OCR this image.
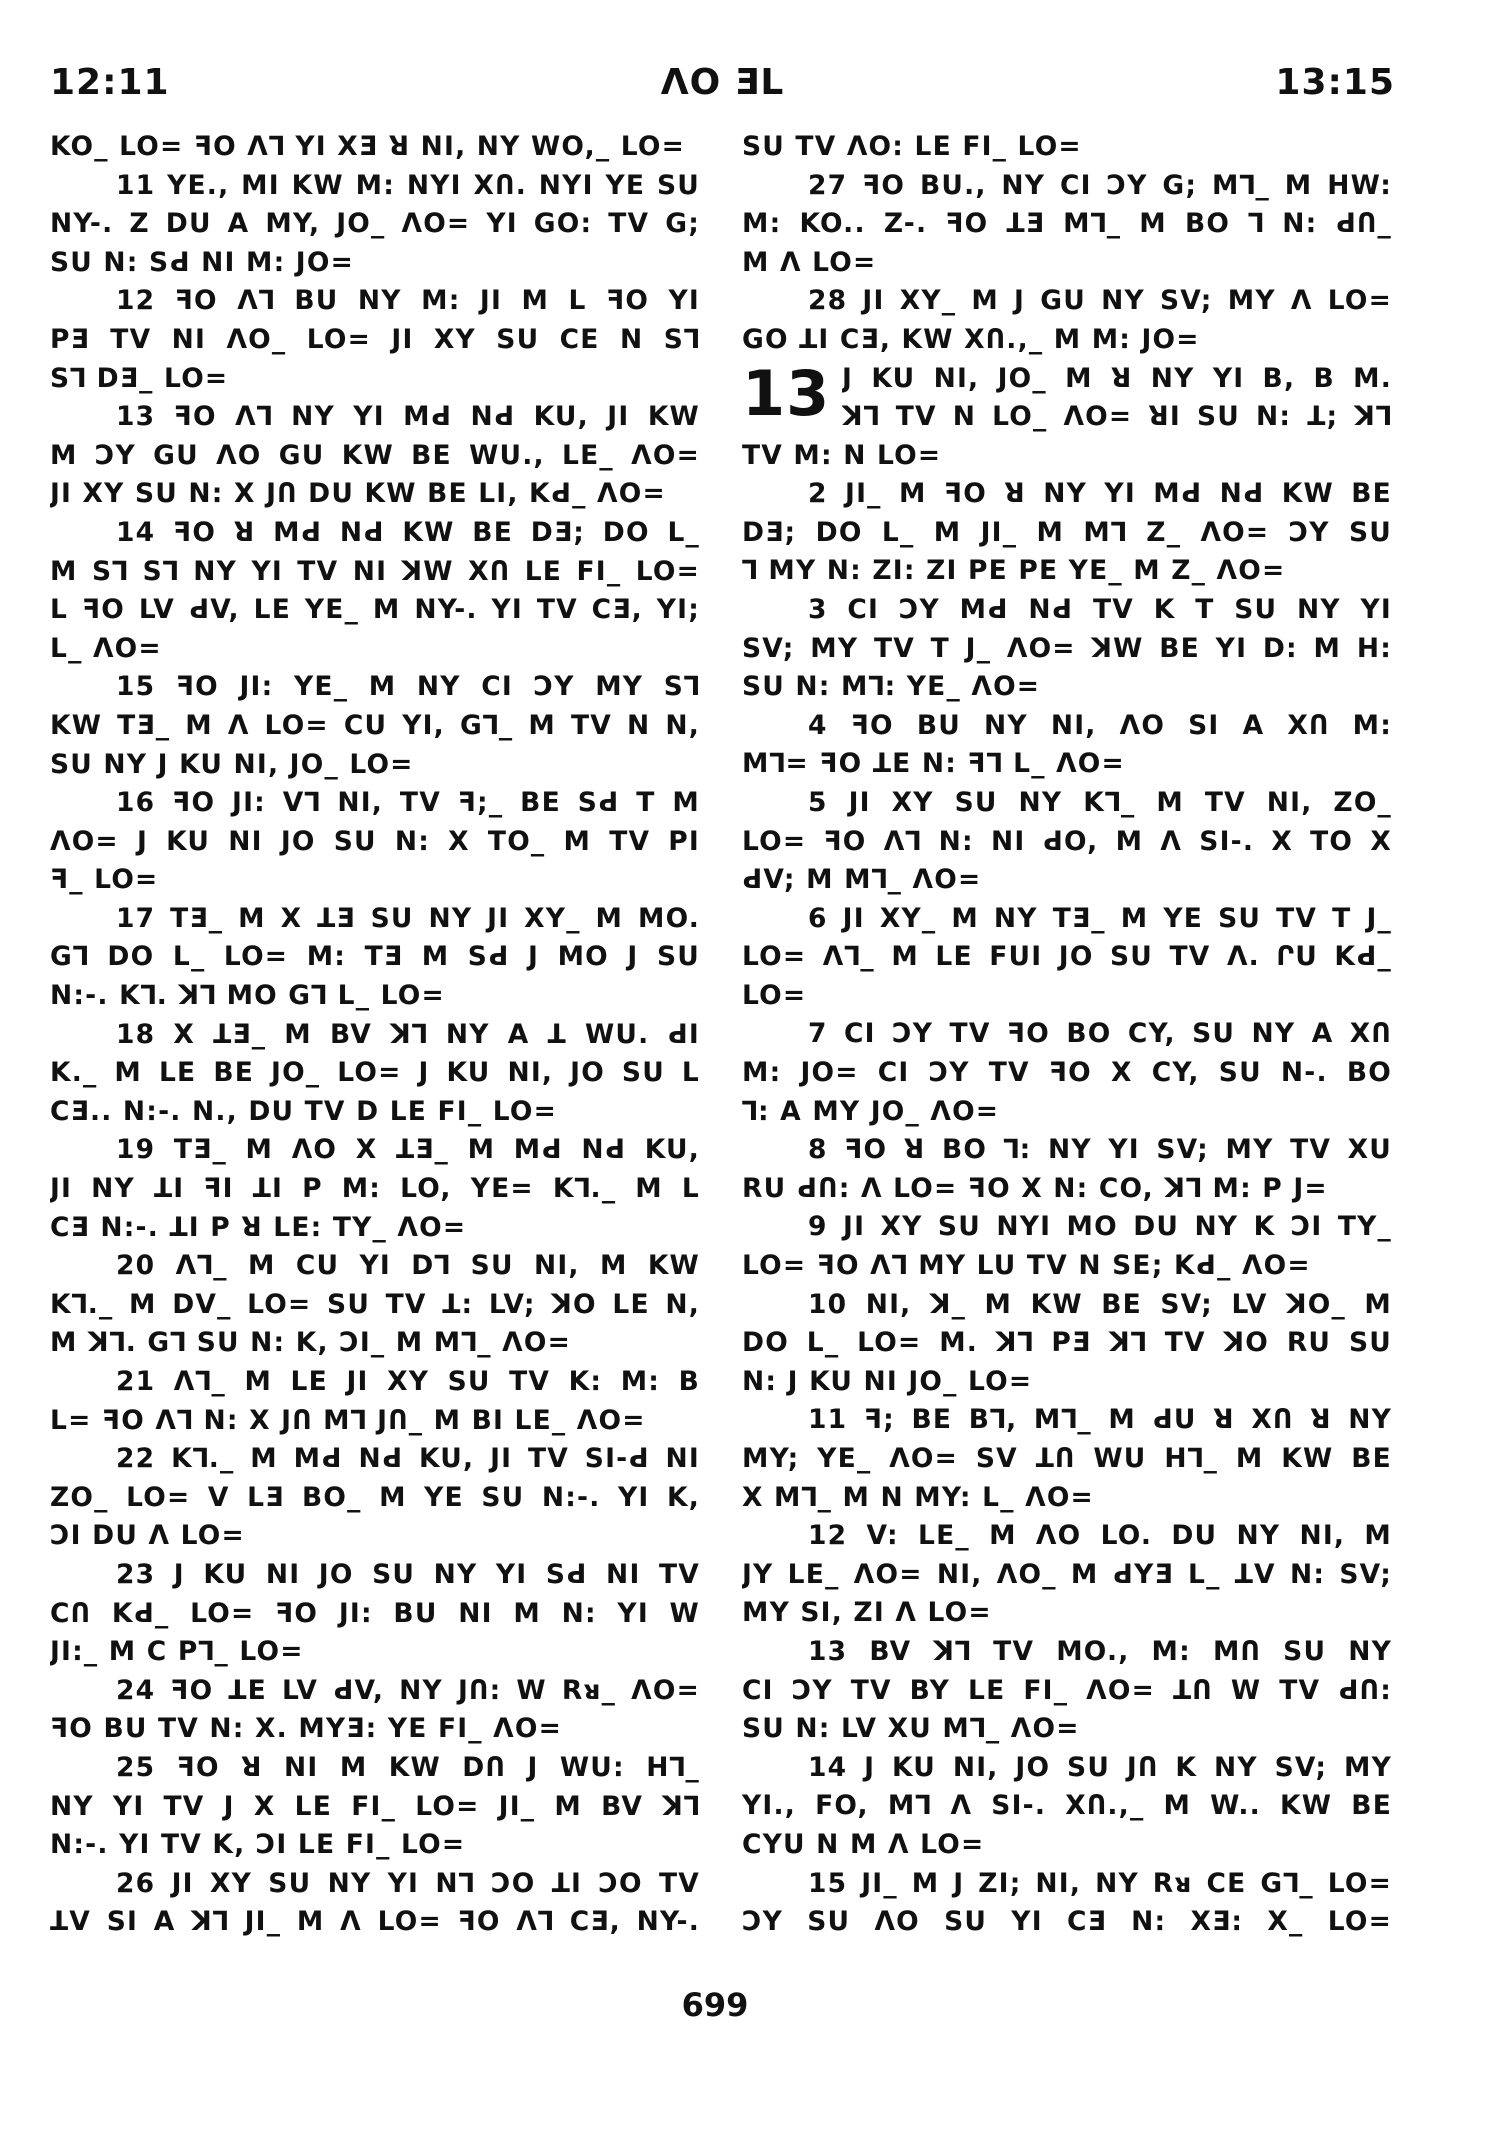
12:11	ΛO ƎL	13:15
KO_ LO= ꟻO Λ⅂ YI XƎ ꓤ NI, NY WO,_ LO=
11 YE., MI KW M: NYI XՈ. NYI YE SU
NY-. Z DU A MY, JO_ ΛO= YI GO: TV G;
SU N: SԀ NI M: JO=
12 ꟻO Λ⅂ BU NY M: JI M L ꟻO YI
PƎ TV NI ΛO_ LO= JI XY SU CE N S⅂
S⅂ DƎ_ LO=
13 ꟻO Λ⅂ NY YI MԀ NԀ KU, JI KW
M ƆY GU ΛO GU KW BE WU., LE_ ΛO=
JI XY SU N: X JՈ DU KW BE LI, KԀ_ ΛO=
14 ꟻO ꓤ MԀ NԀ KW BE DƎ; DO L_
M S⅂ S⅂ NY YI TV NI ꓘW XՈ LE FI_ LO=
L ꟻO LV ԀV, LE YE_ M NY-. YI TV CƎ, YI;
L_ ΛO=
15 ꟻO JI: YE_ M NY CI ƆY MY S⅂
KW TƎ_ M Λ LO= CU YI, G⅂_ M TV N N,
SU NY J KU NI, JO_ LO=
16 ꟻO JI: V⅂ NI, TV ꟻ;_ BE SԀ T M
ΛO= J KU NI JO SU N: X TO_ M TV PI
ꟻ_ LO=
17 TƎ_ M X ꓕƎ SU NY JI XY_ M MO.
G⅂ DO L_ LO= M: TƎ M SԀ J MO J SU
N:-. K⅂. ꓘ⅂ MO G⅂ L_ LO=
18 X ꓕƎ_ M BV ꓘ⅂ NY A ꓕ WU. ԀI
K._ M LE BE JO_ LO= J KU NI, JO SU L
CƎ.. N:-. N., DU TV D LE FI_ LO=
19 TƎ_ M ΛO X ꓕƎ_ M MԀ NԀ KU,
JI NY ꓕI ꟻI ꓕI P M: LO, YE= K⅂._ M L
CƎ N:-. ꓕI P ꓤ LE: TY_ ΛO=
20 Λ⅂_ M CU YI D⅂ SU NI, M KW
K⅂._ M DV_ LO= SU TV ꓕ: LV; ꓘO LE N,
M ꓘ⅂. G⅂ SU N: K, ƆI_ M M⅂_ ΛO=
21 Λ⅂_ M LE JI XY SU TV K: M: B
L= ꟻO Λ⅂ N: X JՈ M⅂ JՈ_ M BI LE_ ΛO=
22 K⅂._ M MԀ NԀ KU, JI TV SI-Ԁ NI
ZO_ LO= V LƎ BO_ M YE SU N:-. YI K,
ƆI DU Λ LO=
23 J KU NI JO SU NY YI SԀ NI TV
CՈ KԀ_ LO= ꟻO JI: BU NI M N: YI W
JI:_ M C P⅂_ LO=
24 ꟻO ꓕE LV ԀV, NY JՈ: W Rᴚ_ ΛO=
ꟻO BU TV N: X. MYƎ: YE FI_ ΛO=
25 ꟻO ꓤ NI M KW DՈ J WU: H⅂_
NY YI TV J X LE FI_ LO= JI_ M BV ꓘ⅂
N:-. YI TV K, ƆI LE FI_ LO=
26 JI XY SU NY YI N⅂ ƆO ꓕI ƆO TV
ꓕV SI A ꓘ⅂ JI_ M Λ LO= ꟻO Λ⅂ CƎ, NY-.
SU TV ΛO: LE FI_ LO=
27 ꟻO BU., NY CI ƆY G; M⅂_ M HW:
M: KO.. Z-. ꟻO ꓕƎ M⅂_ M BO ⅂ N: ԀՈ_
M Λ LO=
28 JI XY_ M J GU NY SV; MY Λ LO=
GO ꓕI CƎ, KW XՈ.,_ M M: JO=
13 J KU NI, JO_ M ꓤ NY YI B, B M.
ꓘ⅂ TV N LO_ ΛO= ꓤI SU N: ꓕ; ꓘ⅂
TV M: N LO=
2 JI_ M ꟻO ꓤ NY YI MԀ NԀ KW BE
DƎ; DO L_ M JI_ M M⅂ Z_ ΛO= ƆY SU
⅂ MY N: ZI: ZI PE PE YE_ M Z_ ΛO=
3 CI ƆY MԀ NԀ TV K T SU NY YI
SV; MY TV T J_ ΛO= ꓘW BE YI D: M H:
SU N: M⅂: YE_ ΛO=
4 ꟻO BU NY NI, ΛO SI A XՈ M:
M⅂= ꟻO ꓕE N: ꟻ⅂ L_ ΛO=
5 JI XY SU NY K⅂_ M TV NI, ZO_
LO= ꟻO Λ⅂ N: NI ԀO, M Λ SI-. X TO X
ԀV; M M⅂_ ΛO=
6 JI XY_ M NY TƎ_ M YE SU TV T J_
LO= Λ⅂_ M LE FUI JO SU TV Λ. ՐU KԀ_
LO=
7 CI ƆY TV ꟻO BO CY, SU NY A XՈ
M: JO= CI ƆY TV ꟻO X CY, SU N-. BO
⅂: A MY JO_ ΛO=
8 ꟻO ꓤ BO ⅂: NY YI SV; MY TV XU
RU ԀՈ: Λ LO= ꟻO X N: CO, ꓘ⅂ M: P J=
9 JI XY SU NYI MO DU NY K ƆI TY_
LO= ꟻO Λ⅂ MY LU TV N SE; KԀ_ ΛO=
10 NI, ꓘ_ M KW BE SV; LV ꓘO_ M
DO L_ LO= M. ꓘ⅂ PƎ ꓘ⅂ TV ꓘO RU SU
N: J KU NI JO_ LO=
11 ꟻ; BE B⅂, M⅂_ M ԀU ꓤ XՈ ꓤ NY
MY; YE_ ΛO= SV ꓕՈ WU H⅂_ M KW BE
X M⅂_ M N MY: L_ ΛO=
12 V: LE_ M ΛO LO. DU NY NI, M
JY LE_ ΛO= NI, ΛO_ M ԀYƎ L_ ꓕV N: SV;
MY SI, ZI Λ LO=
13 BV ꓘ⅂ TV MO., M: MՈ SU NY
CI ƆY TV BY LE FI_ ΛO= ꓕՈ W TV ԀՈ:
SU N: LV XU M⅂_ ΛO=
14 J KU NI, JO SU JՈ K NY SV; MY
YI., FO, M⅂ Λ SI-. XՈ.,_ M W.. KW BE
CYU N M Λ LO=
15 JI_ M J ZI; NI, NY Rᴚ CE G⅂_ LO=
ƆY SU ΛO SU YI CƎ N: XƎ: X_ LO=
699
